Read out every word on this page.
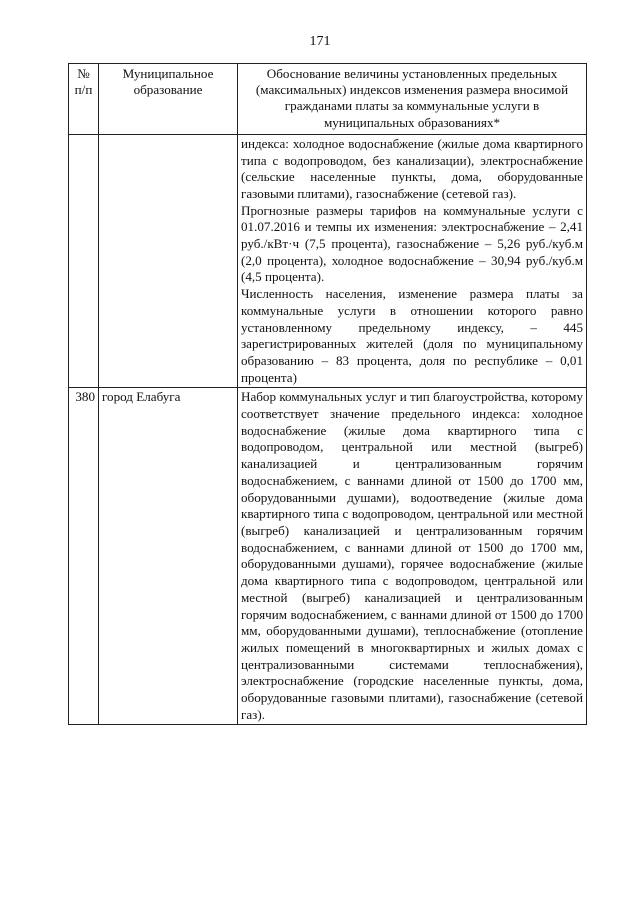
171
№ п/п	Муниципальное образование	Обоснование величины установленных предельных (максимальных) индексов изменения размера вносимой гражданами платы за коммунальные услуги в муниципальных образованиях*

		индекса: холодное водоснабжение (жилые дома квартирного типа с водопроводом, без канализации), электроснабжение (сельские населенные пункты, дома, оборудованные газовыми плитами), газоснабжение (сетевой газ).

Прогнозные размеры тарифов на коммунальные услуги с 01.07.2016 и темпы их изменения: электроснабжение – 2,41 руб./кВт·ч (7,5 процента), газоснабжение – 5,26 руб./куб.м (2,0 процента), холодное водоснабжение – 30,94 руб./куб.м (4,5 процента).

Численность населения, изменение размера платы за коммунальные услуги в отношении которого равно установленному предельному индексу, – 445 зарегистрированных жителей (доля по муниципальному образованию – 83 процента, доля по республике – 0,01 процента)

380	город Елабуга	Набор коммунальных услуг и тип благоустройства, которому соответствует значение предельного индекса: холодное водоснабжение (жилые дома квартирного типа с водопроводом, центральной или местной (выгреб) канализацией и централизованным горячим водоснабжением, с ваннами длиной от 1500 до 1700 мм, оборудованными душами), водоотведение (жилые дома квартирного типа с водопроводом, центральной или местной (выгреб) канализацией и централизованным горячим водоснабжением, с ваннами длиной от 1500 до 1700 мм, оборудованными душами), горячее водоснабжение (жилые дома квартирного типа с водопроводом, центральной или местной (выгреб) канализацией и централизованным горячим водоснабжением, с ваннами длиной от 1500 до 1700 мм, оборудованными душами), теплоснабжение (отопление жилых помещений в многоквартирных и жилых домах с централизованными системами теплоснабжения), электроснабжение (городские населенные пункты, дома, оборудованные газовыми плитами), газоснабжение (сетевой газ).
